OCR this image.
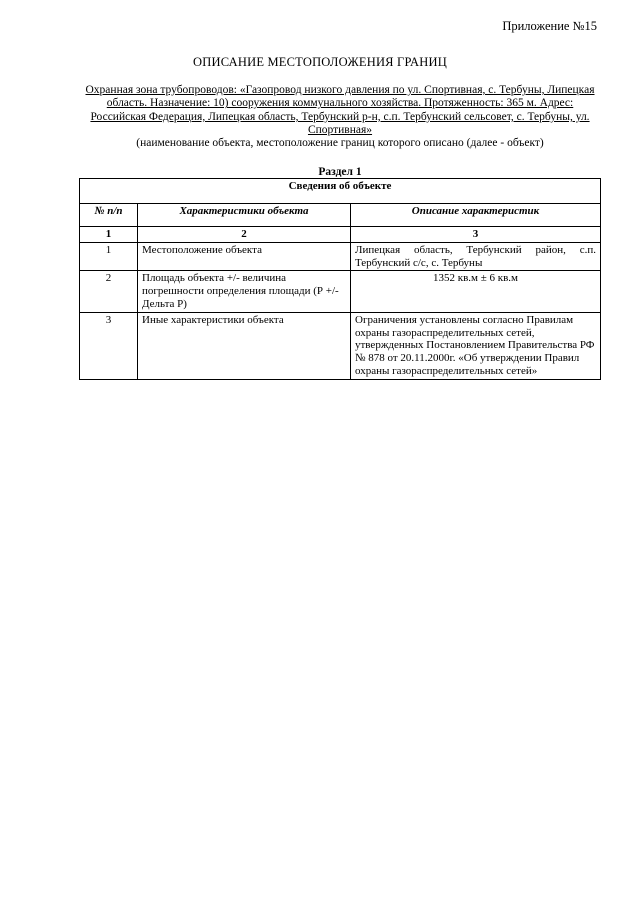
Приложение №15
ОПИСАНИЕ МЕСТОПОЛОЖЕНИЯ ГРАНИЦ
Охранная зона трубопроводов: «Газопровод низкого давления по ул. Спортивная, с. Тербуны, Липецкая область. Назначение: 10) сооружения коммунального хозяйства. Протяженность: 365 м. Адрес: Российская Федерация, Липецкая область, Тербунский р-н, с.п. Тербунский сельсовет, с. Тербуны, ул. Спортивная»
(наименование объекта, местоположение границ которого описано (далее - объект)
Раздел 1
Сведения об объекте		
№ п/п	Характеристики объекта	Описание характеристик
1	2	3
1	Местоположение объекта	Липецкая область, Тербунский район, с.п. Тербунский с/с, с. Тербуны
2	Площадь объекта +/- величина погрешности определения площади (Р +/- Дельта Р)	1352 кв.м ± 6 кв.м
3	Иные характеристики объекта	Ограничения установлены согласно Правилам охраны газораспределительных сетей, утвержденных Постановлением Правительства РФ № 878 от 20.11.2000г. «Об утверждении Правил охраны газораспределительных сетей»
